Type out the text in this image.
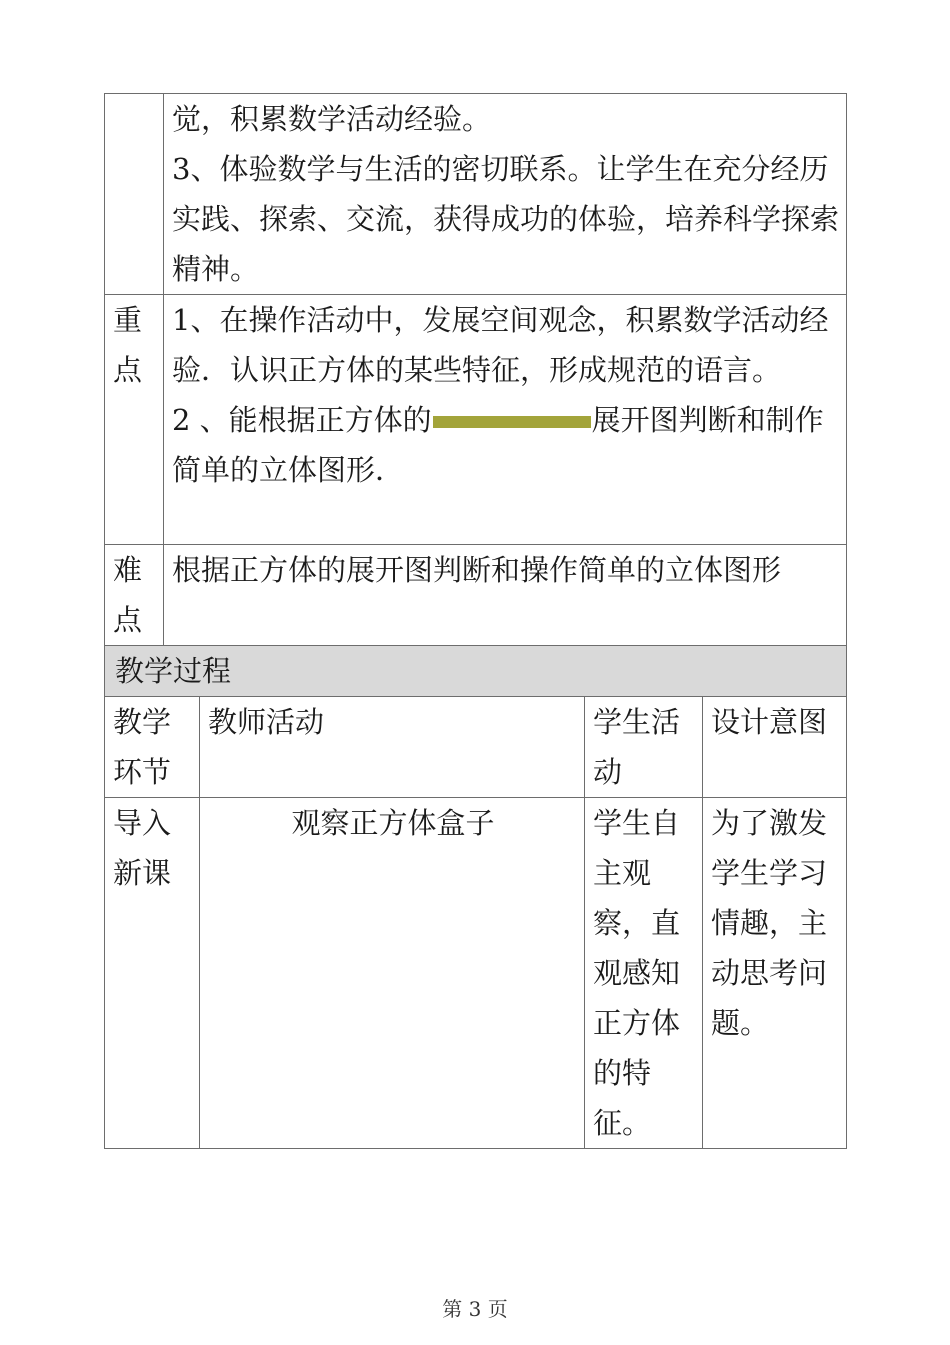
	觉，积累数学活动经验。

3、体验数学与生活的密切联系。让学生在充分经历实践、探索、交流，获得成功的体验，培养科学探索精神。			

重点	1、在操作活动中，发展空间观念，积累数学活动经验．认识正方体的某些特征，形成规范的语言。

2 、能根据正方体的 展开图判断和制作简单的立体图形．			

难点	根据正方体的展开图判断和操作简单的立体图形			
教学过程				
教学环节		教师活动	学生活动	设计意图
导入新课		观察正方体盒子	学生自主观察，直观感知正方体的特征。	为了激发学生学习情趣，主动思考问题。
第 3 页
